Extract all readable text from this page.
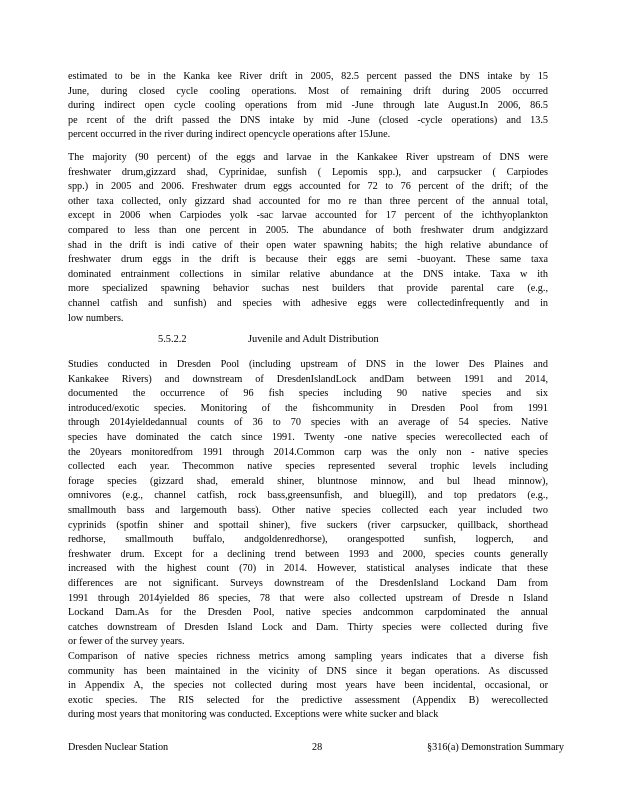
estimated to be in the Kanka kee River drift in 2005, 82.5 percent passed the DNS intake by 15
June, during closed cycle cooling operations. Most of remaining drift during 2005 occurred
during indirect open cycle cooling operations from mid -June through late August.In 2006, 86.5
pe rcent of the drift passed the DNS intake by mid -June (closed -cycle operations) and 13.5
percent occurred in the river during indirect opencycle operations after 15June.
The majority (90 percent) of the eggs and larvae in the Kankakee River upstream of DNS were
freshwater drum,gizzard shad, Cyprinidae, sunfish ( Lepomis spp.), and carpsucker ( Carpiodes
spp.) in 2005 and 2006. Freshwater drum eggs accounted for 72 to 76 percent of the drift; of the
other taxa collected, only gizzard shad accounted for mo re than three percent of the annual total,
except in 2006 when Carpiodes yolk -sac larvae accounted for 17 percent of the ichthyoplankton
compared to less than one percent in 2005. The abundance of both freshwater drum andgizzard
shad in the drift is indi cative of their open water spawning habits; the high relative abundance of
freshwater drum eggs in the drift is because their eggs are semi -buoyant. These same taxa
dominated entrainment collections in similar relative abundance at the DNS intake. Taxa w ith
more specialized spawning behavior suchas nest builders that provide parental care (e.g.,
channel catfish and sunfish) and species with adhesive eggs were collectedinfrequently and in
low numbers.
5.5.2.2	Juvenile and Adult Distribution
Studies conducted in Dresden Pool (including upstream of DNS in the lower Des Plaines and
Kankakee Rivers) and downstream of DresdenIslandLock andDam between 1991 and 2014,
documented the occurrence of 96 fish species including 90 native species and six
introduced/exotic species. Monitoring of the fishcommunity in Dresden Pool from 1991
through 2014yieldedannual counts of 36 to 70 species with an average of 54 species. Native
species have dominated the catch since 1991. Twenty -one native species werecollected each of
the 20years monitoredfrom 1991 through 2014.Common carp was the only non - native species
collected each year. Thecommon native species represented several trophic levels including
forage species (gizzard shad, emerald shiner, bluntnose minnow, and bul lhead minnow),
omnivores (e.g., channel catfish, rock bass,greensunfish, and bluegill), and top predators (e.g.,
smallmouth bass and largemouth bass). Other native species collected each year included two
cyprinids (spotfin shiner and spottail shiner), five suckers (river carpsucker, quillback, shorthead
redhorse, smallmouth buffalo, andgoldenredhorse), orangespotted sunfish, logperch, and
freshwater drum. Except for a declining trend between 1993 and 2000, species counts generally
increased with the highest count (70) in 2014. However, statistical analyses indicate that these
differences are not significant. Surveys downstream of the DresdenIsland Lockand Dam from
1991 through 2014yielded 86 species, 78 that were also collected upstream of Dresde n Island
Lockand Dam.As for the Dresden Pool, native species andcommon carpdominated the annual
catches downstream of Dresden Island Lock and Dam. Thirty species were collected during five
or fewer of the survey years.
Comparison of native species richness metrics among sampling years indicates that a diverse fish
community has been maintained in the vicinity of DNS since it began operations. As discussed
in Appendix A, the species not collected during most years have been incidental, occasional, or
exotic species. The RIS selected for the predictive assessment (Appendix B) werecollected
during most years that monitoring was conducted. Exceptions were white sucker and black
Dresden Nuclear Station	28	§316(a) Demonstration Summary
